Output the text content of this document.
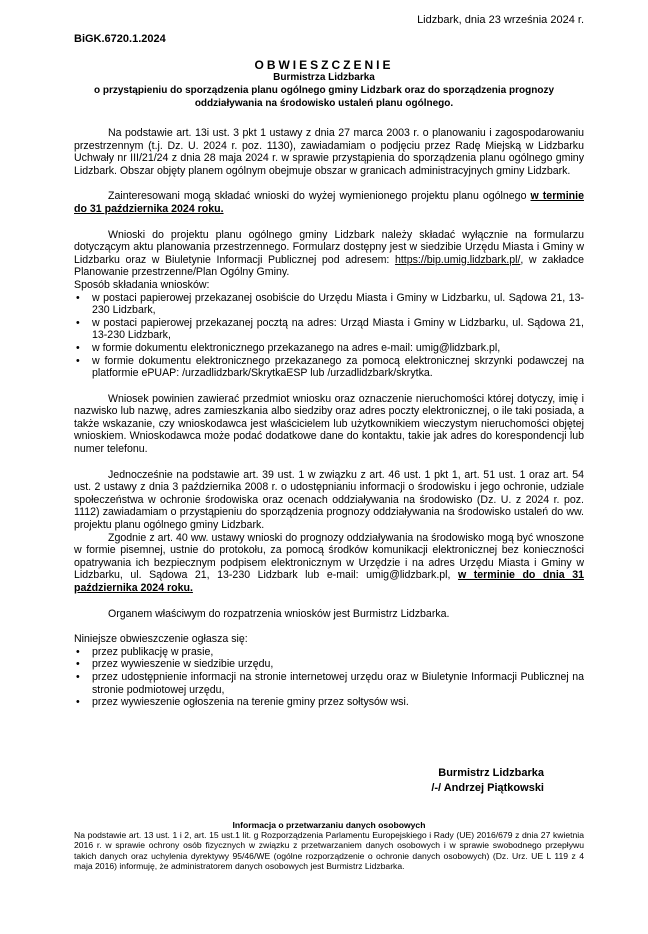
Lidzbark, dnia 23 września 2024 r.
BiGK.6720.1.2024
OBWIESZCZENIE
Burmistrza Lidzbarka
o przystąpieniu do sporządzenia planu ogólnego gminy Lidzbark oraz do sporządzenia prognozy oddziaływania na środowisko ustaleń planu ogólnego.

Na podstawie art. 13i ust. 3 pkt 1 ustawy z dnia 27 marca 2003 r. o planowaniu i zagospodarowaniu przestrzennym (t.j. Dz. U. 2024 r. poz. 1130), zawiadamiam o podjęciu przez Radę Miejską w Lidzbarku Uchwały nr III/21/24 z dnia 28 maja 2024 r. w sprawie przystąpienia do sporządzenia planu ogólnego gminy Lidzbark. Obszar objęty planem ogólnym obejmuje obszar w granicach administracyjnych gminy Lidzbark.

Zainteresowani mogą składać wnioski do wyżej wymienionego projektu planu ogólnego w terminie do 31 października 2024 roku.

Wnioski do projektu planu ogólnego gminy Lidzbark należy składać wyłącznie na formularzu dotyczącym aktu planowania przestrzennego. Formularz dostępny jest w siedzibie Urzędu Miasta i Gminy w Lidzbarku oraz w Biuletynie Informacji Publicznej pod adresem: https://bip.umig.lidzbark.pl/, w zakładce Planowanie przestrzenne/Plan Ogólny Gminy.

Sposób składania wniosków:

• w postaci papierowej przekazanej osobiście do Urzędu Miasta i Gminy w Lidzbarku, ul. Sądowa 21, 13-230 Lidzbark,
• w postaci papierowej przekazanej pocztą na adres: Urząd Miasta i Gminy w Lidzbarku, ul. Sądowa 21, 13-230 Lidzbark,
• w formie dokumentu elektronicznego przekazanego na adres e-mail: umig@lidzbark.pl,
• w formie dokumentu elektronicznego przekazanego za pomocą elektronicznej skrzynki podawczej na platformie ePUAP: /urzadlidzbark/SkrytkaESP lub /urzadlidzbark/skrytka.

Wniosek powinien zawierać przedmiot wniosku oraz oznaczenie nieruchomości której dotyczy, imię i nazwisko lub nazwę, adres zamieszkania albo siedziby oraz adres poczty elektronicznej, o ile taki posiada, a także wskazanie, czy wnioskodawca jest właścicielem lub użytkownikiem wieczystym nieruchomości objętej wnioskiem. Wnioskodawca może podać dodatkowe dane do kontaktu, takie jak adres do korespondencji lub numer telefonu.

Jednocześnie na podstawie art. 39 ust. 1 w związku z art. 46 ust. 1 pkt 1, art. 51 ust. 1 oraz art. 54 ust. 2 ustawy z dnia 3 października 2008 r. o udostępnianiu informacji o środowisku i jego ochronie, udziale społeczeństwa w ochronie środowiska oraz ocenach oddziaływania na środowisko (Dz. U. z 2024 r. poz. 1112) zawiadamiam o przystąpieniu do sporządzenia prognozy oddziaływania na środowisko ustaleń do ww. projektu planu ogólnego gminy Lidzbark.

Zgodnie z art. 40 ww. ustawy wnioski do prognozy oddziaływania na środowisko mogą być wnoszone w formie pisemnej, ustnie do protokołu, za pomocą środków komunikacji elektronicznej bez konieczności opatrywania ich bezpiecznym podpisem elektronicznym w Urzędzie i na adres Urzędu Miasta i Gminy w Lidzbarku, ul. Sądowa 21, 13-230 Lidzbark lub e-mail: umig@lidzbark.pl, w terminie do dnia 31 października 2024 roku.

Organem właściwym do rozpatrzenia wniosków jest Burmistrz Lidzbarka.

Niniejsze obwieszczenie ogłasza się:

• przez publikację w prasie,
• przez wywieszenie w siedzibie urzędu,
• przez udostępnienie informacji na stronie internetowej urzędu oraz w Biuletynie Informacji Publicznej na stronie podmiotowej urzędu,
• przez wywieszenie ogłoszenia na terenie gminy przez sołtysów wsi.
Burmistrz Lidzbarka
/-/ Andrzej Piątkowski
Informacja o przetwarzaniu danych osobowych

Na podstawie art. 13 ust. 1 i 2, art. 15 ust.1 lit. g Rozporządzenia Parlamentu Europejskiego i Rady (UE) 2016/679 z dnia 27 kwietnia 2016 r. w sprawie ochrony osób fizycznych w związku z przetwarzaniem danych osobowych i w sprawie swobodnego przepływu takich danych oraz uchylenia dyrektywy 95/46/WE (ogólne rozporządzenie o ochronie danych osobowych) (Dz. Urz. UE L 119 z 4 maja 2016) informuję, że administratorem danych osobowych jest Burmistrz Lidzbarka.
